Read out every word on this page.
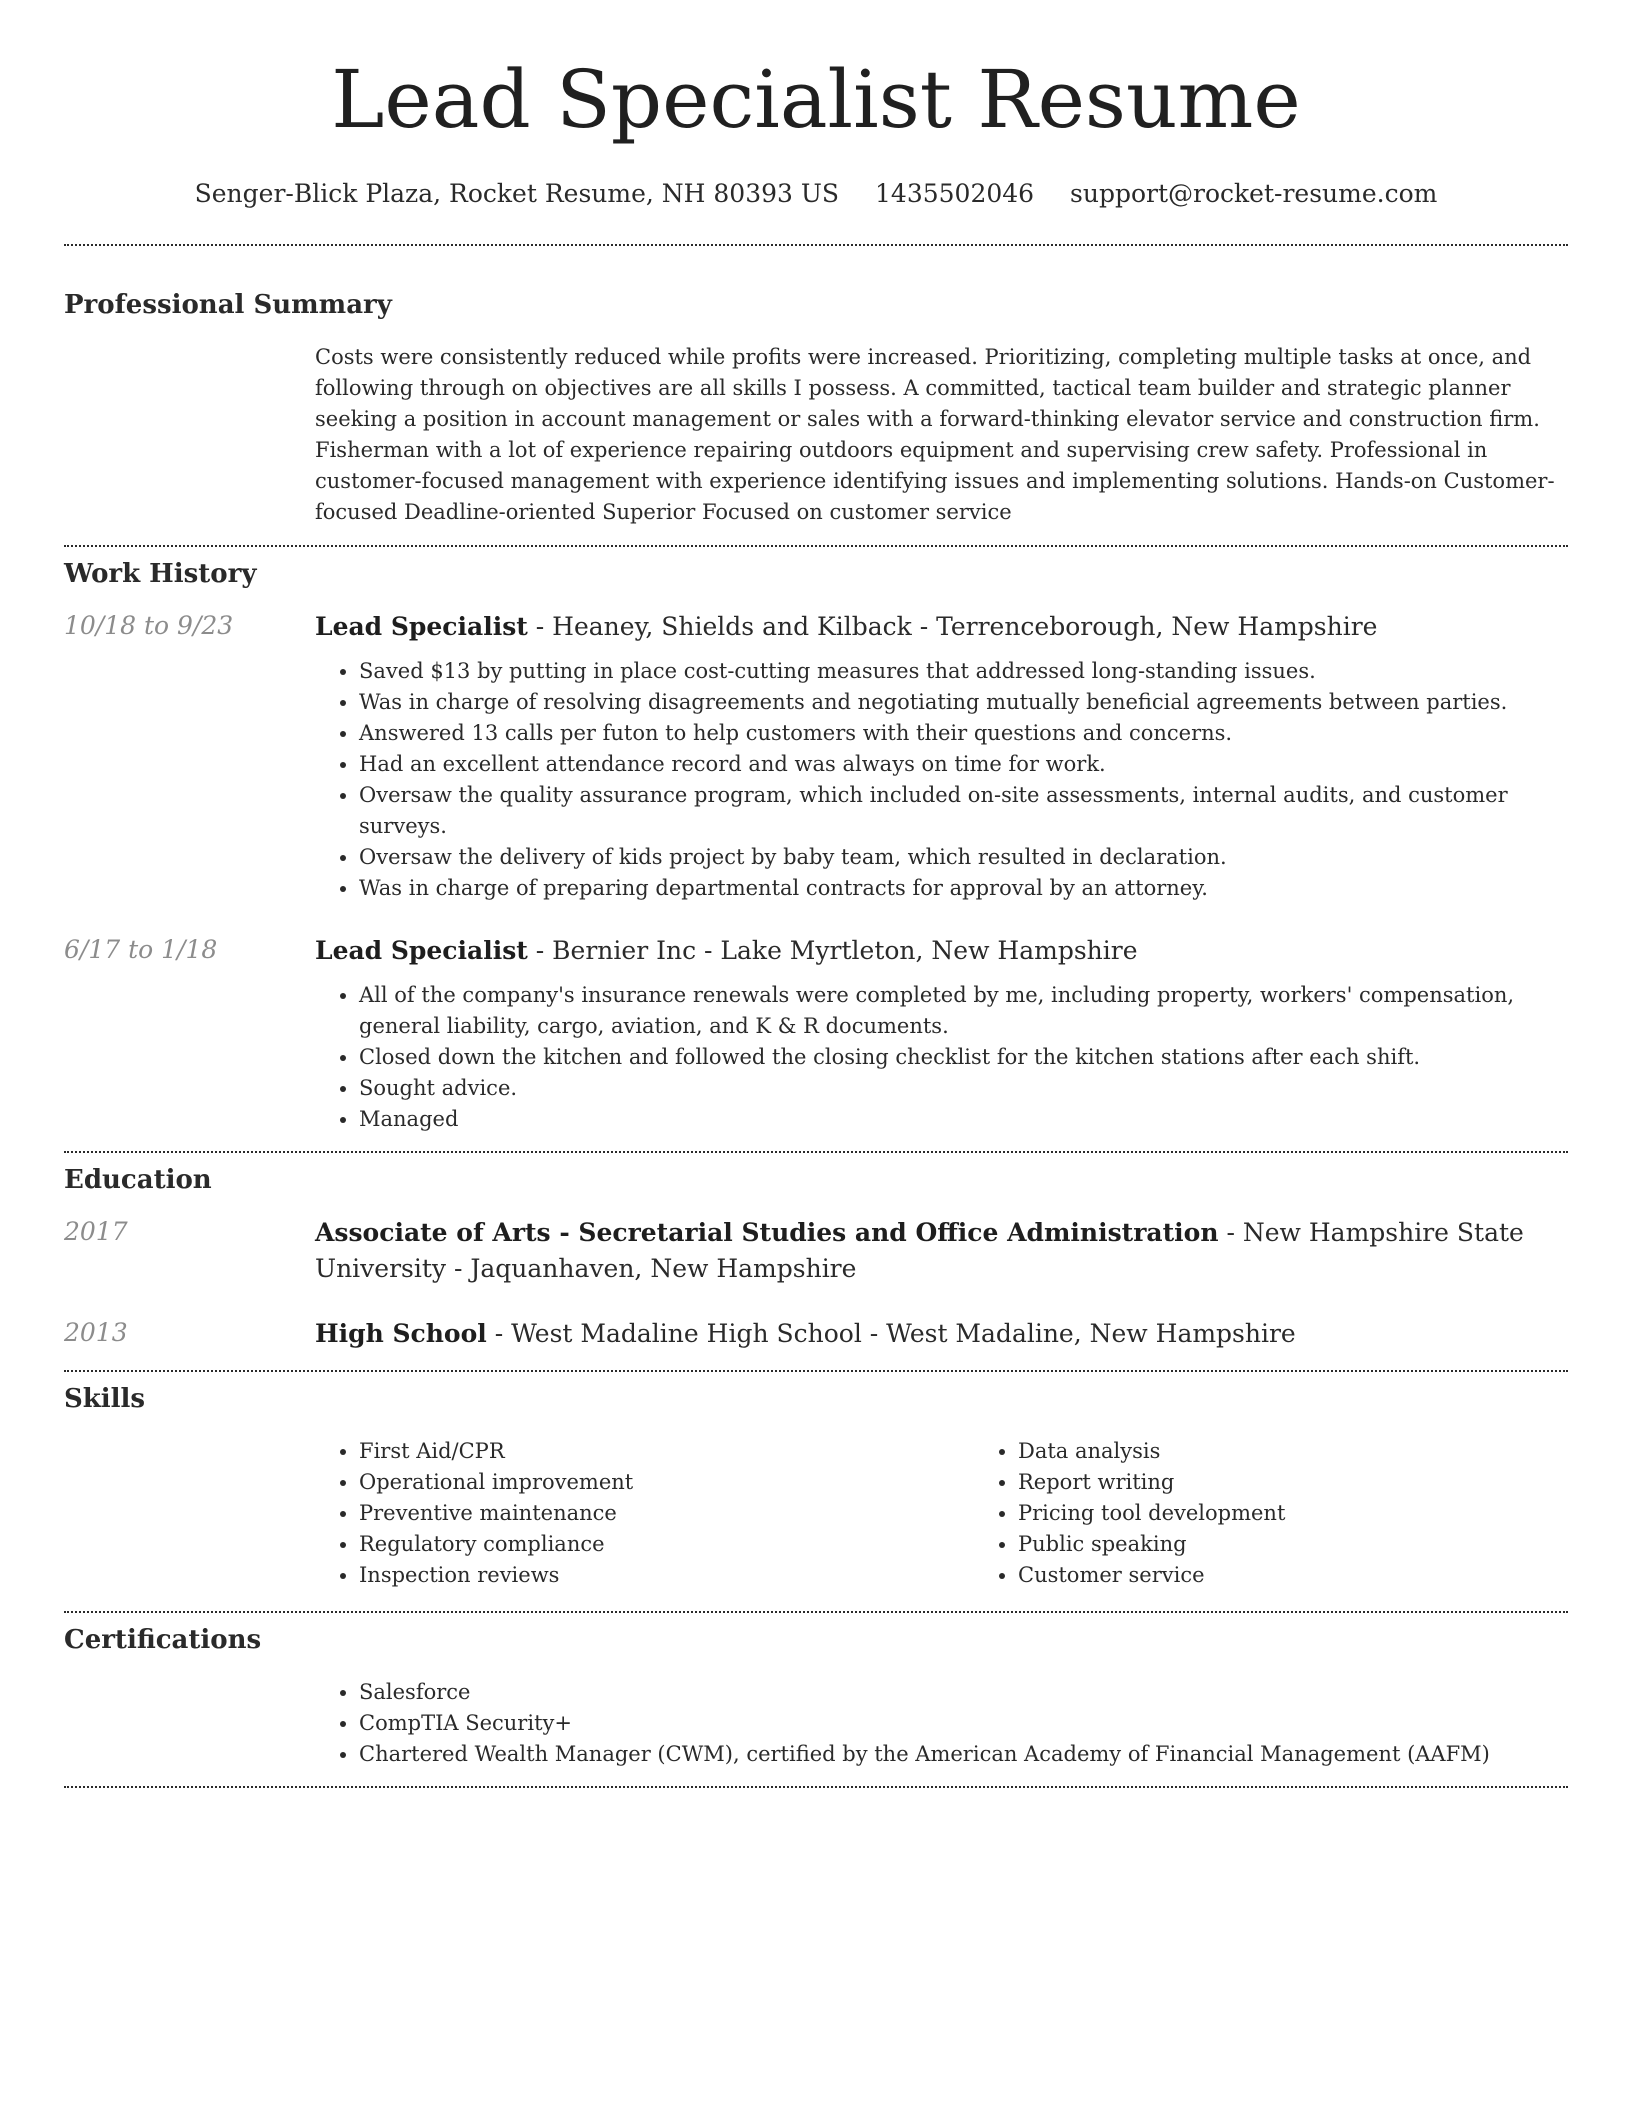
Lead Specialist Resume
Senger-Blick Plaza, Rocket Resume, NH 80393 US 1435502046 support@rocket-resume.com
Professional Summary
Costs were consistently reduced while profits were increased. Prioritizing, completing multiple tasks at once, and following through on objectives are all skills I possess. A committed, tactical team builder and strategic planner seeking a position in account management or sales with a forward-thinking elevator service and construction firm. Fisherman with a lot of experience repairing outdoors equipment and supervising crew safety. Professional in customer-focused management with experience identifying issues and implementing solutions. Hands-on Customer-focused Deadline-oriented Superior Focused on customer service
Work History
10/18 to 9/23	Lead Specialist - Heaney, Shields and Kilback - Terrenceborough, New Hampshire
• Saved $13 by putting in place cost-cutting measures that addressed long-standing issues.
• Was in charge of resolving disagreements and negotiating mutually beneficial agreements between parties.
• Answered 13 calls per futon to help customers with their questions and concerns.
• Had an excellent attendance record and was always on time for work.
• Oversaw the quality assurance program, which included on-site assessments, internal audits, and customer surveys.
• Oversaw the delivery of kids project by baby team, which resulted in declaration.
• Was in charge of preparing departmental contracts for approval by an attorney.
6/17 to 1/18	Lead Specialist - Bernier Inc - Lake Myrtleton, New Hampshire
• All of the company's insurance renewals were completed by me, including property, workers' compensation, general liability, cargo, aviation, and K & R documents.
• Closed down the kitchen and followed the closing checklist for the kitchen stations after each shift.
• Sought advice.
• Managed
Education
2017	Associate of Arts - Secretarial Studies and Office Administration - New Hampshire State University - Jaquanhaven, New Hampshire
2013	High School - West Madaline High School - West Madaline, New Hampshire
Skills
• First Aid/CPR
• Operational improvement
• Preventive maintenance
• Regulatory compliance
• Inspection reviews
• Data analysis
• Report writing
• Pricing tool development
• Public speaking
• Customer service
Certifications
• Salesforce
• CompTIA Security+
• Chartered Wealth Manager (CWM), certified by the American Academy of Financial Management (AAFM)
